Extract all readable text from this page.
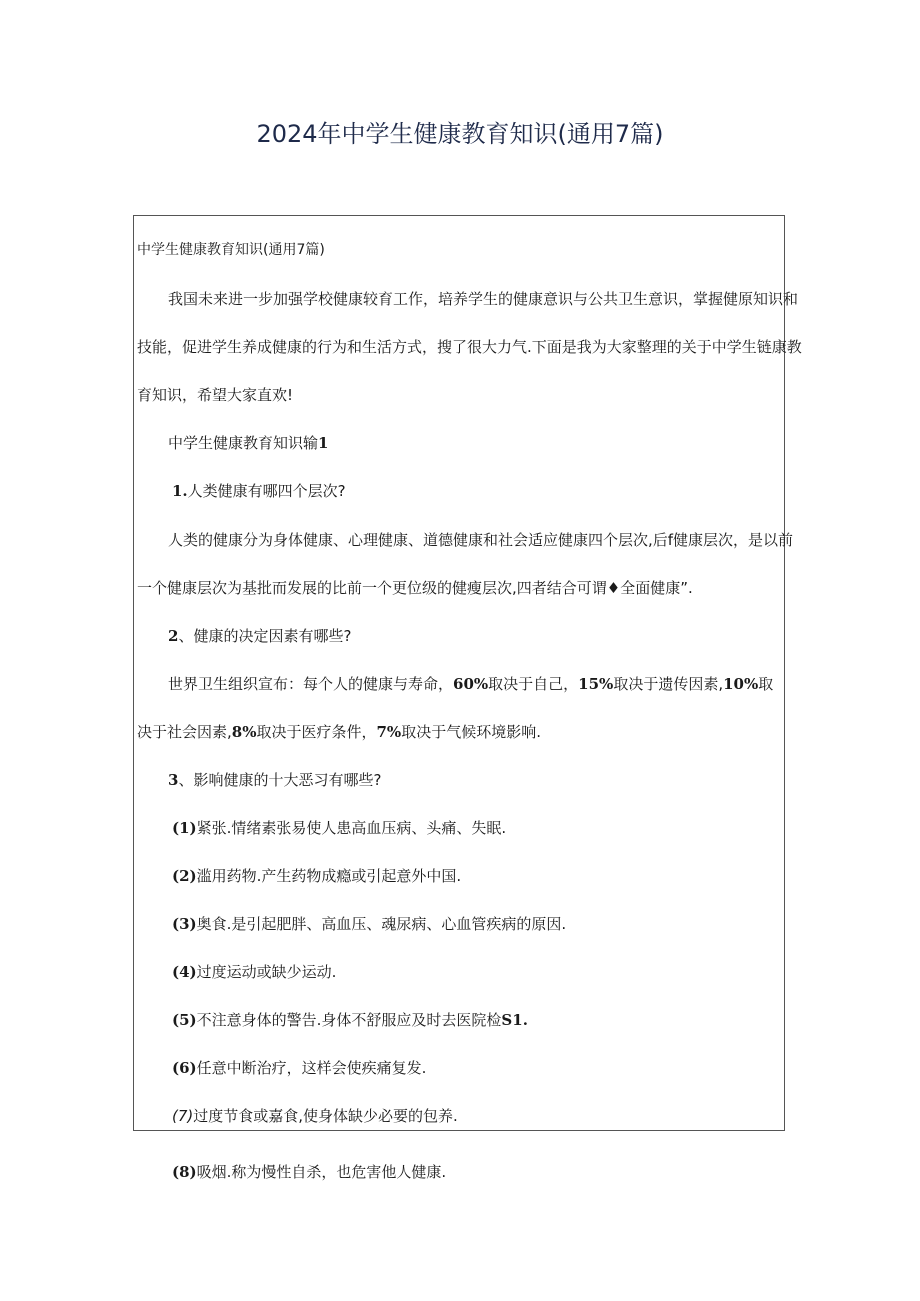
2024年中学生健康教育知识(通用7篇)
中学生健康教育知识(通用7篇)
我国未来进一步加强学校健康较育工作，培养学生的健康意识与公共卫生意识，掌握健原知识和
技能，促进学生养成健康的行为和生活方式，搜了很大力气.下面是我为大家整理的关于中学生链康教
育知识，希望大家直欢!
中学生健康教育知识输1
1.人类健康有哪四个层次?
人类的健康分为身体健康、心理健康、道德健康和社会适应健康四个层次,后f健康层次，是以前
一个健康层次为基批而发展的比前一个更位级的健瘦层次,四者结合可谓♦全面健康”.
2、健康的决定因素有哪些?
世界卫生组织宣布：每个人的健康与寿命，60%取决于自己，15%取决于遗传因素,10%取
决于社会因素,8%取决于医疗条件，7%取决于气候环境影响.
3、影响健康的十大恶习有哪些?
(1)紧张.情绪素张易使人患高血压病、头痛、失眠.
(2)滥用药物.产生药物成瘾或引起意外中国.
(3)奥食.是引起肥胖、高血压、魂尿病、心血管疾病的原因.
(4)过度运动或缺少运动.
(5)不注意身体的警告.身体不舒服应及时去医院检S1.
(6)任意中断治疗，这样会使疾痛复发.
(7)过度节食或嘉食,使身体缺少必要的包养.
(8)吸烟.称为慢性自杀，也危害他人健康.
